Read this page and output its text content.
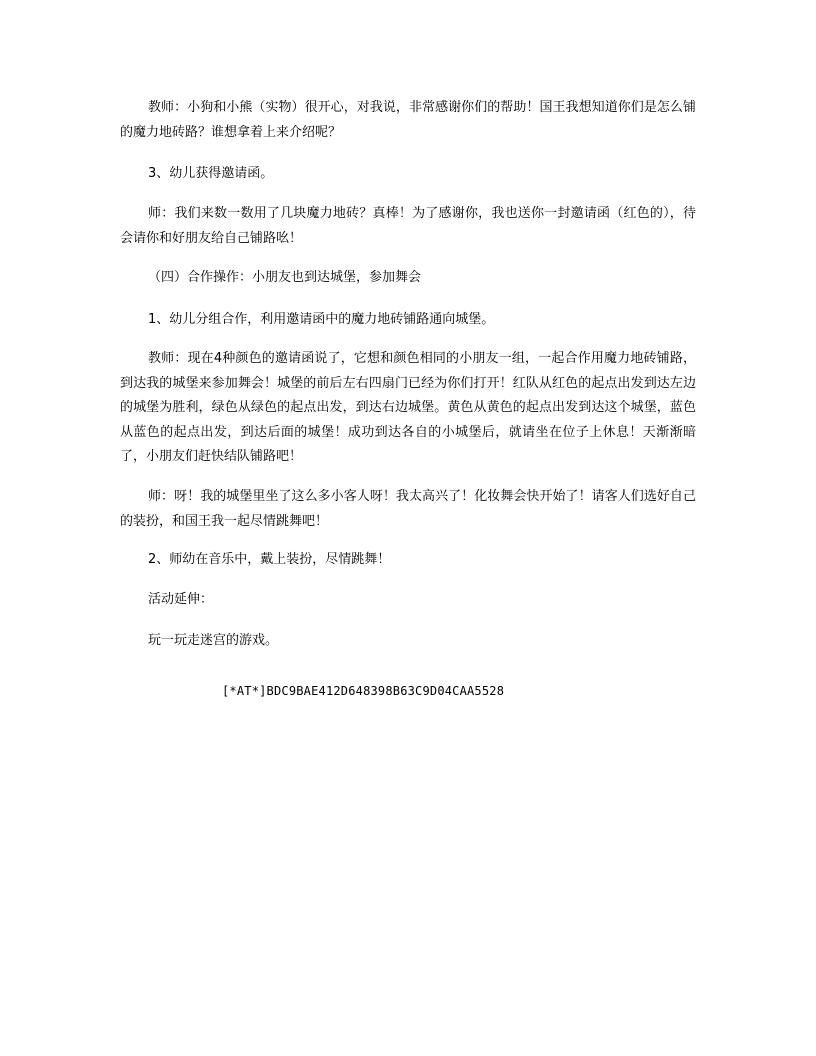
教师：小狗和小熊（实物）很开心，对我说，非常感谢你们的帮助！国王我想知道你们是怎么铺的魔力地砖路？谁想拿着上来介绍呢？

3、幼儿获得邀请函。

师：我们来数一数用了几块魔力地砖？真棒！为了感谢你，我也送你一封邀请函（红色的），待会请你和好朋友给自己铺路吆！

（四）合作操作：小朋友也到达城堡，参加舞会

1、幼儿分组合作，利用邀请函中的魔力地砖铺路通向城堡。

教师：现在4种颜色的邀请函说了，它想和颜色相同的小朋友一组，一起合作用魔力地砖铺路，到达我的城堡来参加舞会！城堡的前后左右四扇门已经为你们打开！红队从红色的起点出发到达左边的城堡为胜利，绿色从绿色的起点出发，到达右边城堡。黄色从黄色的起点出发到达这个城堡，蓝色从蓝色的起点出发，到达后面的城堡！成功到达各自的小城堡后，就请坐在位子上休息！天渐渐暗了，小朋友们赶快结队铺路吧！

师：呀！我的城堡里坐了这么多小客人呀！我太高兴了！化妆舞会快开始了！请客人们选好自己的装扮，和国王我一起尽情跳舞吧！

2、师幼在音乐中，戴上装扮，尽情跳舞！

活动延伸：

玩一玩走迷宫的游戏。

[*AT*]BDC9BAE412D648398B63C9D04CAA5528
